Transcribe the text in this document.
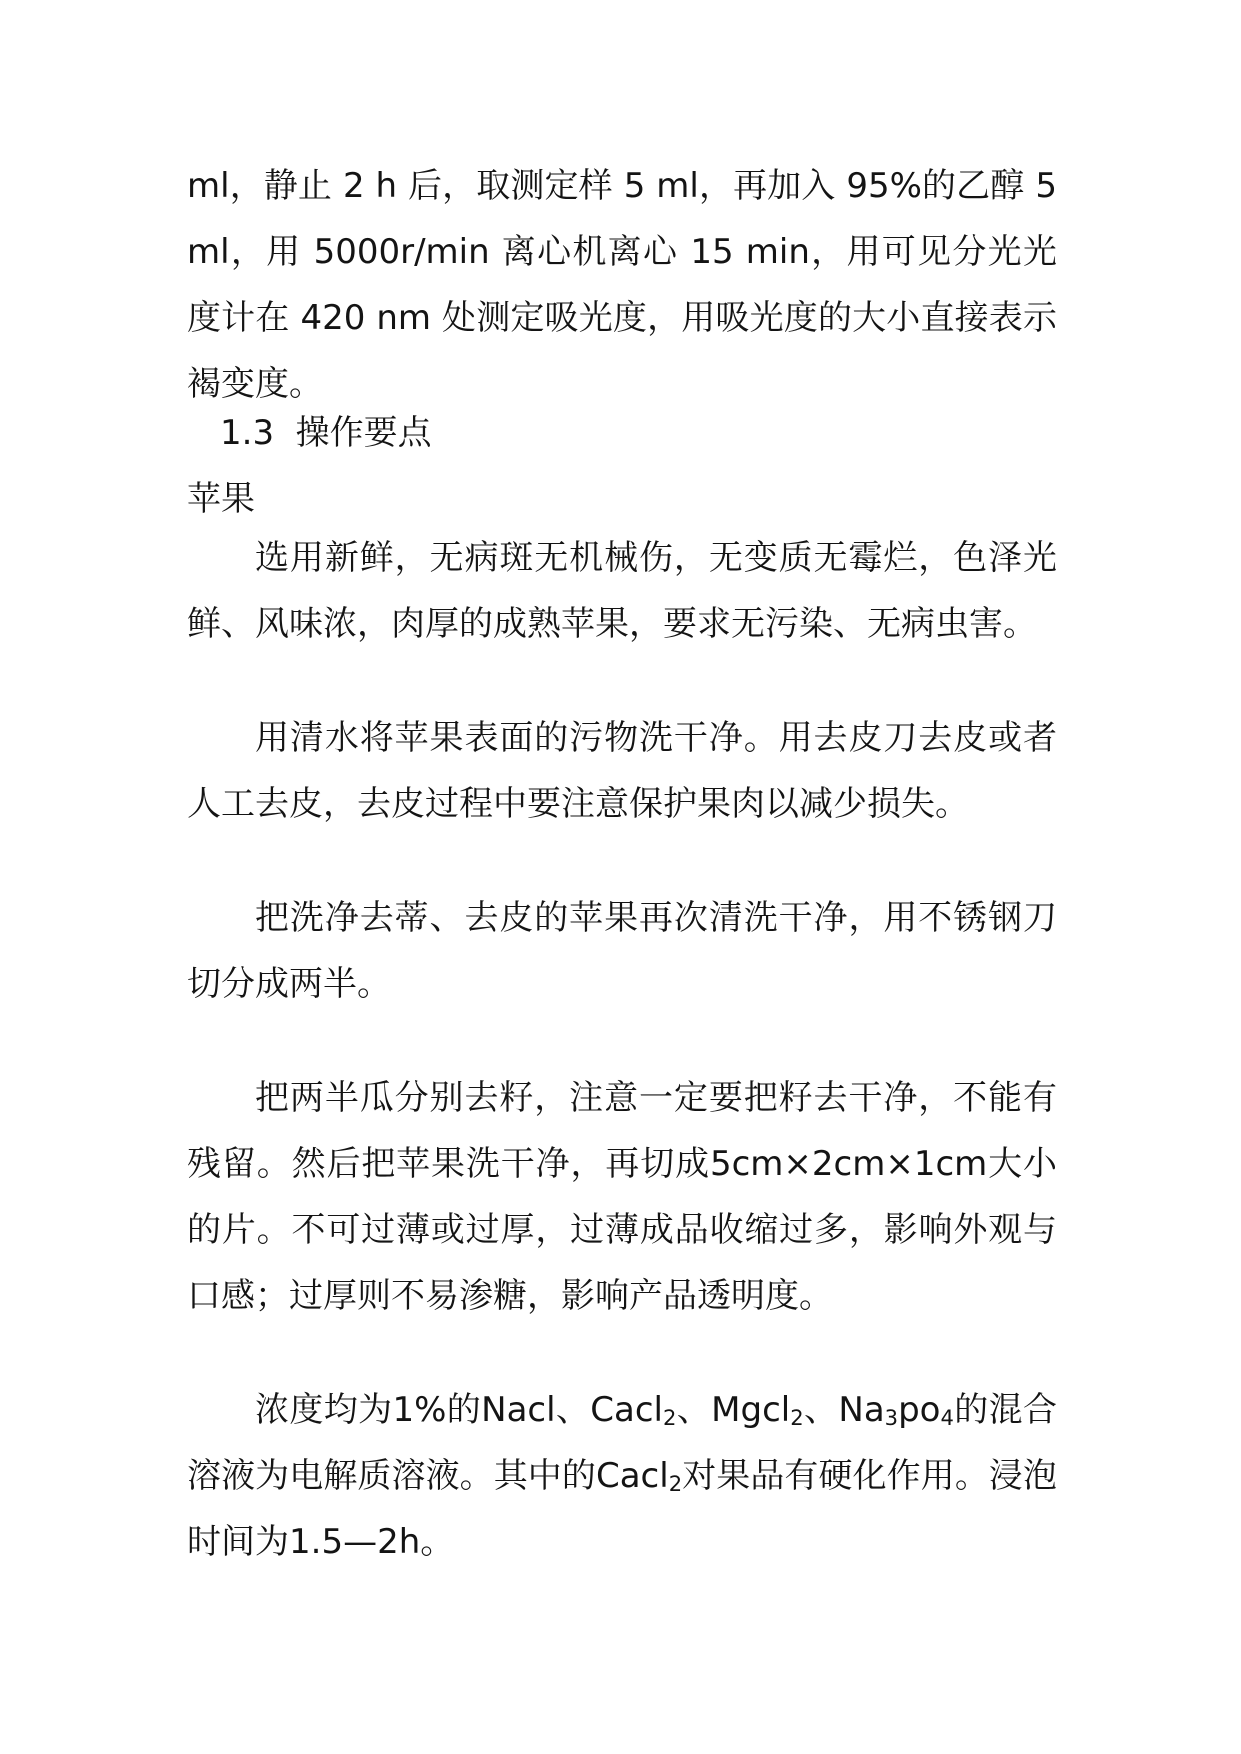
ml，静止 2 h 后，取测定样 5 ml，再加入 95%的乙醇 5 ml，用 5000r/min 离心机离心 15 min，用可见分光光度计在 420 nm 处测定吸光度，用吸光度的大小直接表示褐变度。

1.3  操作要点

苹果

选用新鲜，无病斑无机械伤，无变质无霉烂，色泽光鲜、风味浓，肉厚的成熟苹果，要求无污染、无病虫害。

用清水将苹果表面的污物洗干净。用去皮刀去皮或者人工去皮，去皮过程中要注意保护果肉以减少损失。

把洗净去蒂、去皮的苹果再次清洗干净，用不锈钢刀切分成两半。

把两半瓜分别去籽，注意一定要把籽去干净，不能有残留。然后把苹果洗干净，再切成5cm×2cm×1cm大小的片。不可过薄或过厚，过薄成品收缩过多，影响外观与口感；过厚则不易渗糖，影响产品透明度。

浓度均为1%的Nacl、Cacl$_2$、Mgcl$_2$、$Na_3po_4$的混合溶液为电解质溶液。其中的Cacl$_2$对果品有硬化作用。浸泡时间为1.5—2h。
